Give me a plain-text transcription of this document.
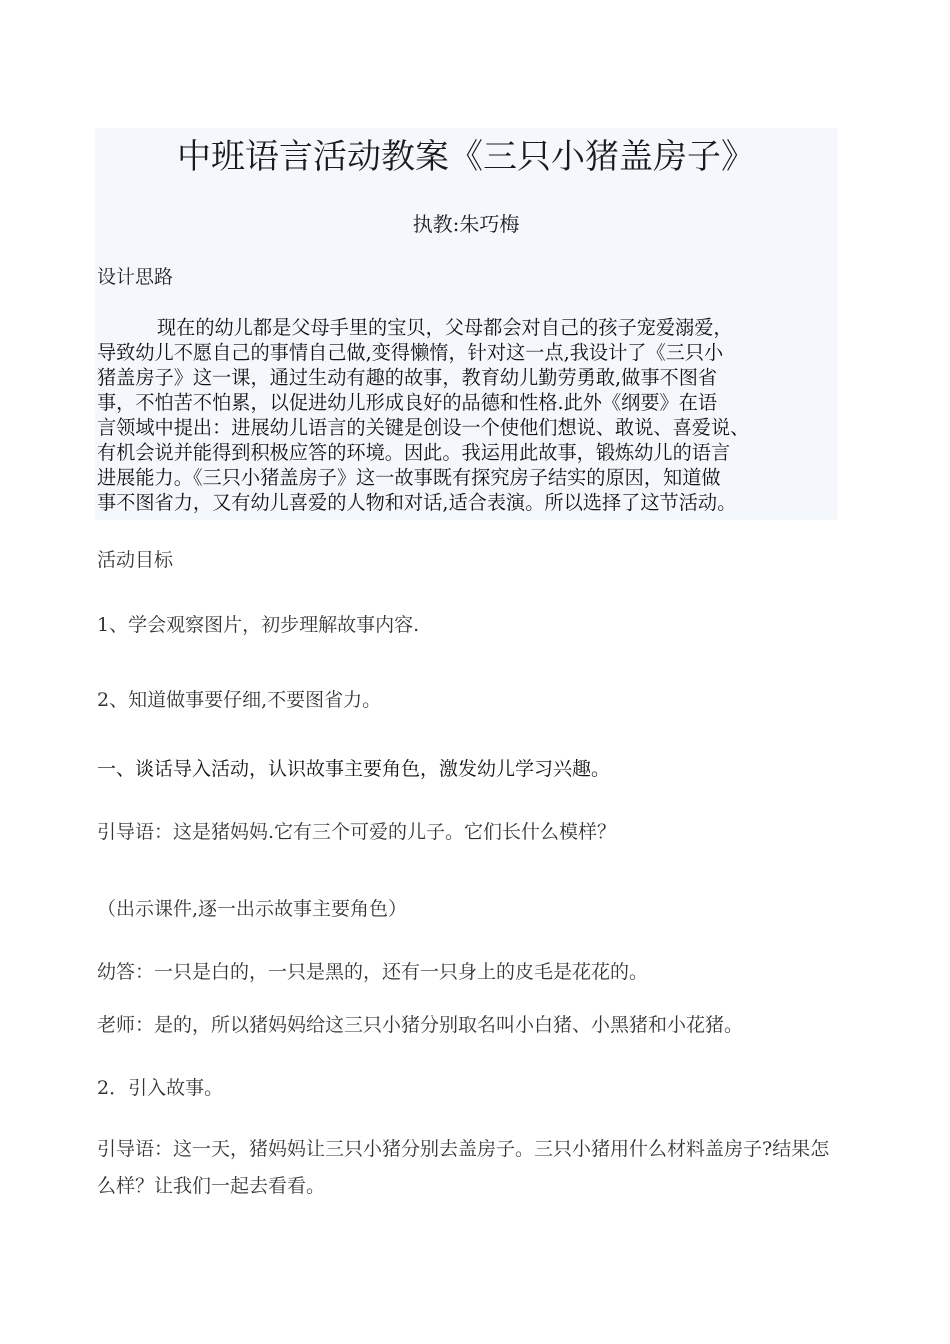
中班语言活动教案《三只小猪盖房子》
执教:朱巧梅
设计思路
现在的幼儿都是父母手里的宝贝，父母都会对自己的孩子宠爱溺爱，
导致幼儿不愿自己的事情自己做,变得懒惰，针对这一点,我设计了《三只小
猪盖房子》这一课，通过生动有趣的故事，教育幼儿勤劳勇敢,做事不图省
事，不怕苦不怕累，以促进幼儿形成良好的品德和性格.此外《纲要》在语
言领域中提出：进展幼儿语言的关键是创设一个使他们想说、敢说、喜爱说、
有机会说并能得到积极应答的环境。因此。我运用此故事，锻炼幼儿的语言
进展能力。《三只小猪盖房子》这一故事既有探究房子结实的原因，知道做
事不图省力，又有幼儿喜爱的人物和对话,适合表演。所以选择了这节活动。
活动目标
1、学会观察图片，初步理解故事内容.
2、知道做事要仔细,不要图省力。
一、谈话导入活动，认识故事主要角色，激发幼儿学习兴趣。
引导语：这是猪妈妈.它有三个可爱的儿子。它们长什么模样？
（出示课件,逐一出示故事主要角色）
幼答：一只是白的，一只是黑的，还有一只身上的皮毛是花花的。
老师：是的，所以猪妈妈给这三只小猪分别取名叫小白猪、小黑猪和小花猪。
2．引入故事。
引导语：这一天，猪妈妈让三只小猪分别去盖房子。三只小猪用什么材料盖房子?结果怎么样？让我们一起去看看。
